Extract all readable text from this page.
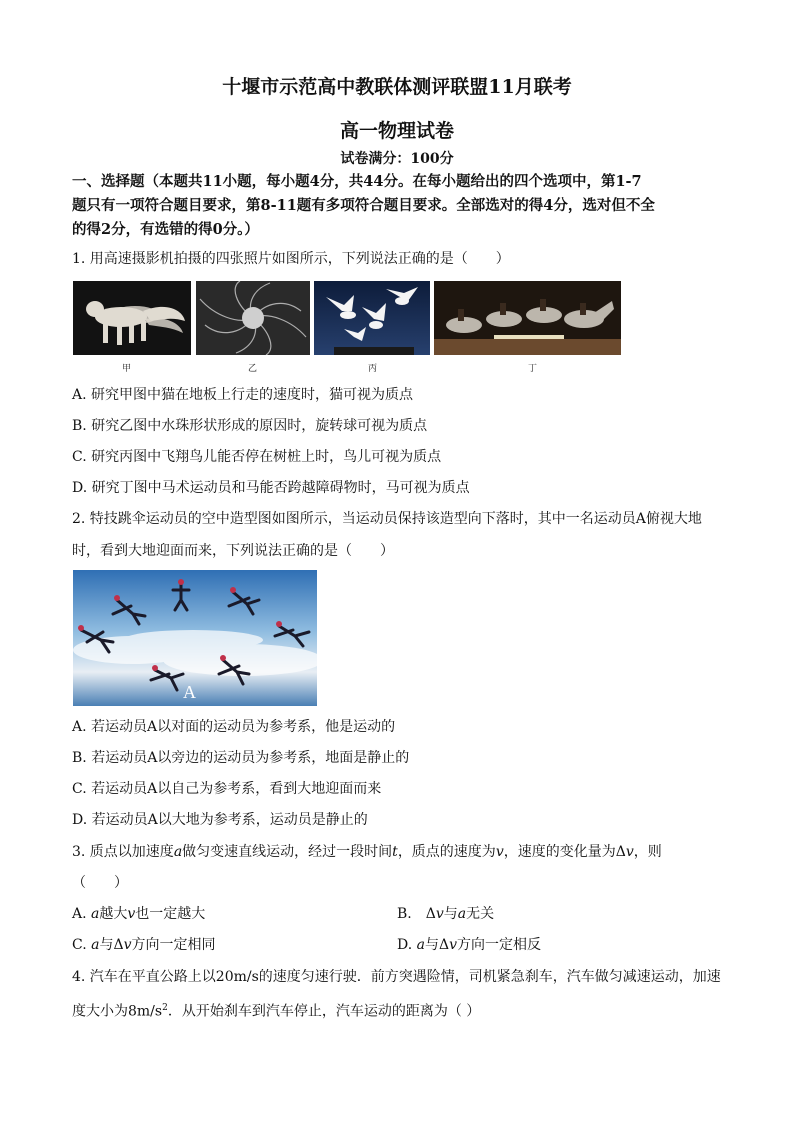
十堰市示范高中教联体测评联盟11月联考
高一物理试卷
试卷满分：100分
一、选择题（本题共11小题，每小题4分，共44分。在每小题给出的四个选项中，第1-7
题只有一项符合题目要求，第8-11题有多项符合题目要求。全部选对的得4分，选对但不全
的得2分，有选错的得0分。）
1. 用高速摄影机拍摄的四张照片如图所示，下列说法正确的是（　　）
甲	乙	丙	丁
A. 研究甲图中猫在地板上行走的速度时，猫可视为质点
B. 研究乙图中水珠形状形成的原因时，旋转球可视为质点
C. 研究丙图中飞翔鸟儿能否停在树桩上时，鸟儿可视为质点
D. 研究丁图中马术运动员和马能否跨越障碍物时，马可视为质点
2. 特技跳伞运动员的空中造型图如图所示，当运动员保持该造型向下落时，其中一名运动员A俯视大地
时，看到大地迎面而来，下列说法正确的是（　　）
A
A. 若运动员A以对面的运动员为参考系，他是运动的
B. 若运动员A以旁边的运动员为参考系，地面是静止的
C. 若运动员A以自己为参考系，看到大地迎面而来
D. 若运动员A以大地为参考系，运动员是静止的
3. 质点以加速度a做匀变速直线运动，经过一段时间t，质点的速度为v，速度的变化量为Δv，则
（　　）
A. a越大v也一定越大	B.　Δv与a无关
C. a与Δv方向一定相同	D. a与Δv方向一定相反
4. 汽车在平直公路上以20m/s的速度匀速行驶．前方突遇险情，司机紧急刹车，汽车做匀减速运动，加速
度大小为$8m/s^2$．从开始刹车到汽车停止，汽车运动的距离为（ ）
